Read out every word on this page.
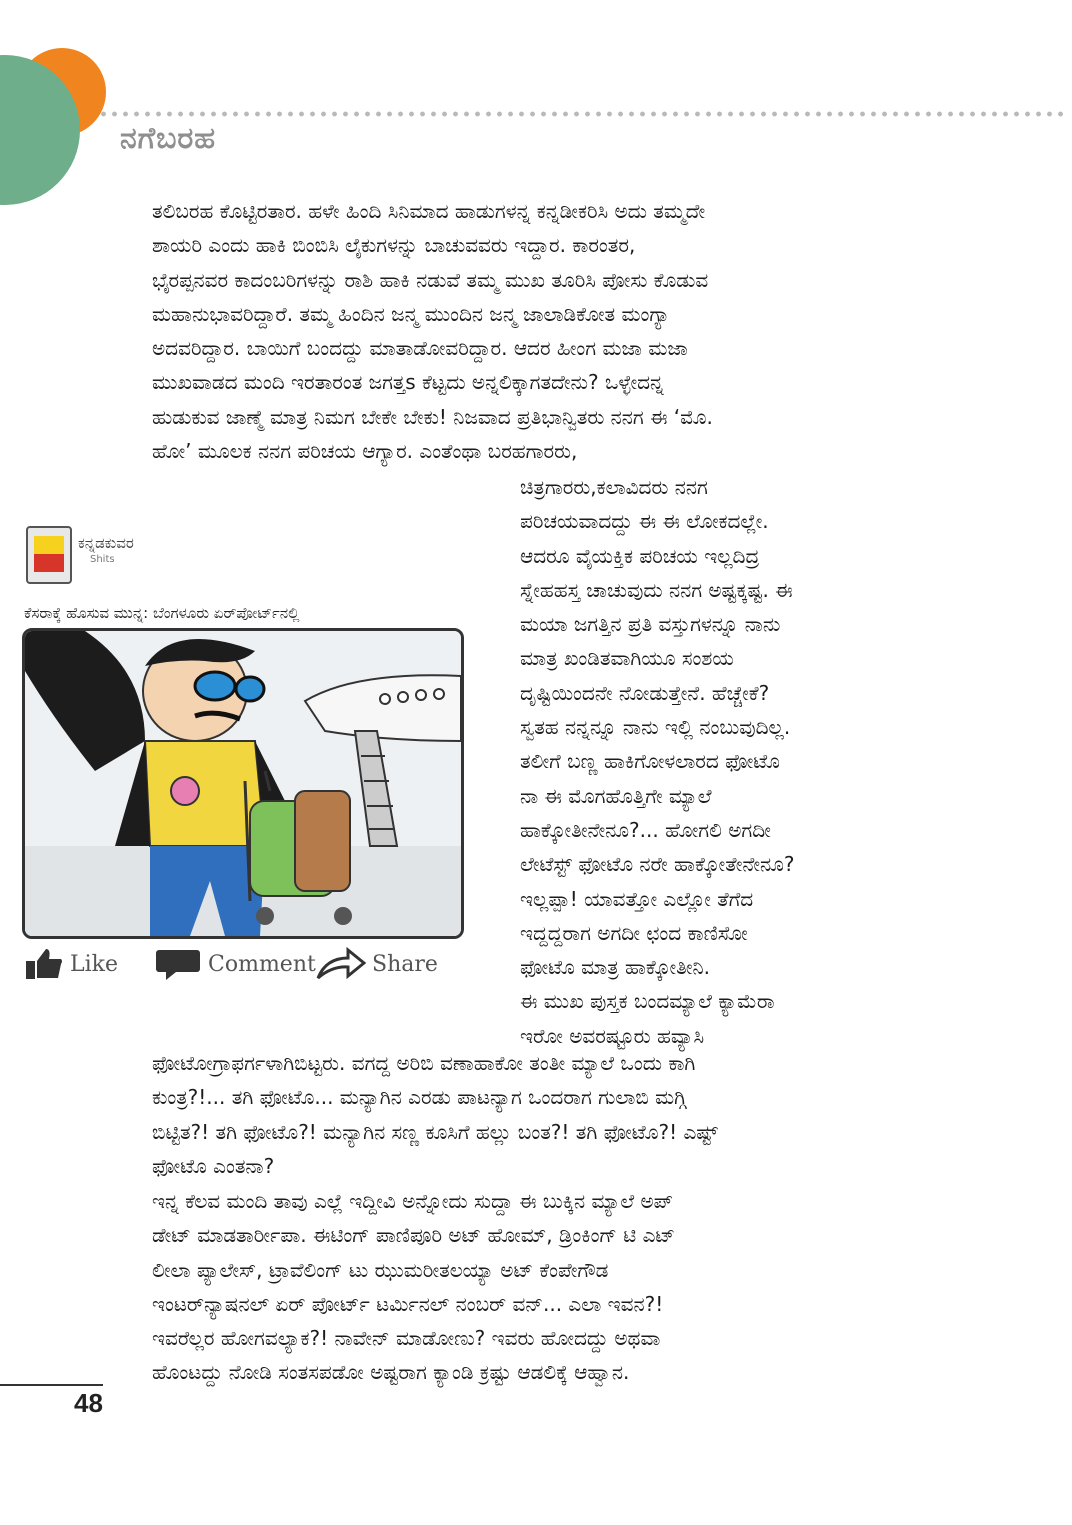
ನಗೆಬರಹ

ತಲಿಬರಹ ಕೊಟ್ಟಿರತಾರ. ಹಳೇ ಹಿಂದಿ ಸಿನಿಮಾದ ಹಾಡುಗಳನ್ನ ಕನ್ನಡೀಕರಿಸಿ ಅದು ತಮ್ಮದೇ
ಶಾಯರಿ ಎಂದು ಹಾಕಿ ಬಿಂಬಿಸಿ ಲೈಕುಗಳನ್ನು ಬಾಚುವವರು ಇದ್ದಾರ. ಕಾರಂತರ,
ಭೈರಪ್ಪನವರ ಕಾದಂಬರಿಗಳನ್ನು ರಾಶಿ ಹಾಕಿ ನಡುವೆ ತಮ್ಮ ಮುಖ ತೂರಿಸಿ ಪೋಸು ಕೊಡುವ
ಮಹಾನುಭಾವರಿದ್ದಾರೆ. ತಮ್ಮ ಹಿಂದಿನ ಜನ್ಮ ಮುಂದಿನ ಜನ್ಮ ಜಾಲಾಡಿಕೋತ ಮಂಗ್ಯಾ
ಅದವರಿದ್ದಾರ. ಬಾಯಿಗೆ ಬಂದದ್ದು ಮಾತಾಡೋವರಿದ್ದಾರ. ಆದರ ಹೀಂಗ ಮಜಾ ಮಜಾ
ಮುಖವಾಡದ ಮಂದಿ ಇರತಾರಂತ ಜಗತ್ತs ಕೆಟ್ಟದು ಅನ್ನಲಿಕ್ಕಾಗತದೇನು? ಒಳ್ಳೇದನ್ನ
ಹುಡುಕುವ ಜಾಣ್ಮೆ ಮಾತ್ರ ನಿಮಗ ಬೇಕೇ ಬೇಕು! ನಿಜವಾದ ಪ್ರತಿಭಾನ್ವಿತರು ನನಗ ಈ ‘ಮೊ.
ಹೋ’ ಮೂಲಕ ನನಗ ಪರಿಚಯ ಆಗ್ಯಾರ. ಎಂತೆಂಥಾ ಬರಹಗಾರರು,

ಚಿತ್ರಗಾರರು,ಕಲಾವಿದರು ನನಗ
ಪರಿಚಯವಾದದ್ದು ಈ ಈ ಲೋಕದಲ್ಲೇ.
ಆದರೂ ವೈಯಕ್ತಿಕ ಪರಿಚಯ ಇಲ್ಲದಿದ್ರ
ಸ್ನೇಹಹಸ್ತ ಚಾಚುವುದು ನನಗ ಅಷ್ಟಕ್ಕಷ್ಟ. ಈ
ಮಯಾ ಜಗತ್ತಿನ ಪ್ರತಿ ವಸ್ತುಗಳನ್ನೂ ನಾನು
ಮಾತ್ರ ಖಂಡಿತವಾಗಿಯೂ ಸಂಶಯ
ದೃಷ್ಟಿಯಿಂದನೇ ನೋಡುತ್ತೇನೆ. ಹೆಚ್ಚೇಕೆ?
ಸ್ವತಹ ನನ್ನನ್ನೂ ನಾನು ಇಲ್ಲಿ ನಂಬುವುದಿಲ್ಲ.
ತಲೀಗೆ ಬಣ್ಣ ಹಾಕಿಗೋಳಲಾರದ ಫೋಟೊ
ನಾ ಈ ಮೊಗಹೊತ್ತಿಗೇ ಮ್ಯಾಲೆ
ಹಾಕ್ಕೋತೀನೇನೂ?... ಹೋಗಲಿ ಅಗದೀ
ಲೇಟೆಸ್ಟ್ ಫೋಟೊ ನರೇ ಹಾಕ್ಕೋತೇನೇನೂ?
ಇಲ್ಲಪ್ಪಾ! ಯಾವತ್ತೋ ಎಲ್ಲೋ ತೆಗೆದ
ಇದ್ದದ್ದರಾಗ ಅಗದೀ ಛಂದ ಕಾಣಿಸೋ
ಫೋಟೊ ಮಾತ್ರ ಹಾಕ್ಕೋತೀನಿ.
ಈ ಮುಖ ಪುಸ್ತಕ ಬಂದಮ್ಯಾಲೆ ಕ್ಯಾಮೆರಾ
ಇರೋ ಅವರಷ್ಟೂರು ಹವ್ಯಾಸಿ

ಫೋಟೋಗ್ರಾಫರ್ಗಳಾಗಿಬಿಟ್ಟರು. ವಗದ್ದ ಅರಿಬಿ ವಣಾಹಾಕೋ ತಂತೀ ಮ್ಯಾಲೆ ಒಂದು ಕಾಗಿ
ಕುಂತ್ರ?!... ತಗಿ ಫೋಟೊ... ಮನ್ಯಾಗಿನ ಎರಡು ಪಾಟನ್ಯಾಗ ಒಂದರಾಗ ಗುಲಾಬಿ ಮಗ್ಗಿ
ಬಿಟ್ಟಿತ?! ತಗಿ ಫೋಟೊ?! ಮನ್ಯಾಗಿನ ಸಣ್ಣ ಕೂಸಿಗೆ ಹಲ್ಲು ಬಂತ?! ತಗಿ ಫೋಟೊ?! ಎಷ್ಟ್
ಫೋಟೊ ಎಂತನಾ?

ಇನ್ನ ಕೆಲವ ಮಂದಿ ತಾವು ಎಲ್ಲೆ ಇದ್ದೀವಿ ಅನ್ನೋದು ಸುದ್ದಾ ಈ ಬುಕ್ಕಿನ ಮ್ಯಾಲೆ ಅಪ್
ಡೇಟ್ ಮಾಡತಾರ್ರೀಪಾ. ಈಟಿಂಗ್ ಪಾಣಿಪೂರಿ ಅಟ್ ಹೋಮ್, ಡ್ರಿಂಕಿಂಗ್ ಟಿ ಎಟ್
ಲೀಲಾ ಪ್ಯಾಲೇಸ್, ಟ್ರಾವೆಲಿಂಗ್ ಟು ಝುಮರೀತಲಯ್ಯಾ ಅಟ್ ಕೆಂಪೇಗೌಡ
ಇಂಟರ್‌ನ್ಯಾಷನಲ್ ಏರ್ ಪೋರ್ಟ್ ಟರ್ಮಿನಲ್ ನಂಬರ್ ವನ್... ಎಲಾ ಇವನ?!
ಇವರೆಲ್ಲರ ಹೋಗವಲ್ಯಾಕ?! ನಾವೇನ್ ಮಾಡೋಣು? ಇವರು ಹೋದದ್ದು ಅಥವಾ
ಹೊಂಟದ್ದು ನೋಡಿ ಸಂತಸಪಡೋ ಅಷ್ಟರಾಗ ಕ್ಯಾಂಡಿ ಕ್ರಷ್ಟು ಆಡಲಿಕ್ಕೆ ಆಹ್ವಾನ.

ಕನ್ನಡಕುವರ
Shits
ಕೆಸರಾಕ್ಕೆ ಹೊಸುವ ಮುನ್ನ: ಬೆಂಗಳೂರು ಏರ್‌ಪೋರ್ಟ್‌ನಲ್ಲಿ
Like	Comment	Share
48
